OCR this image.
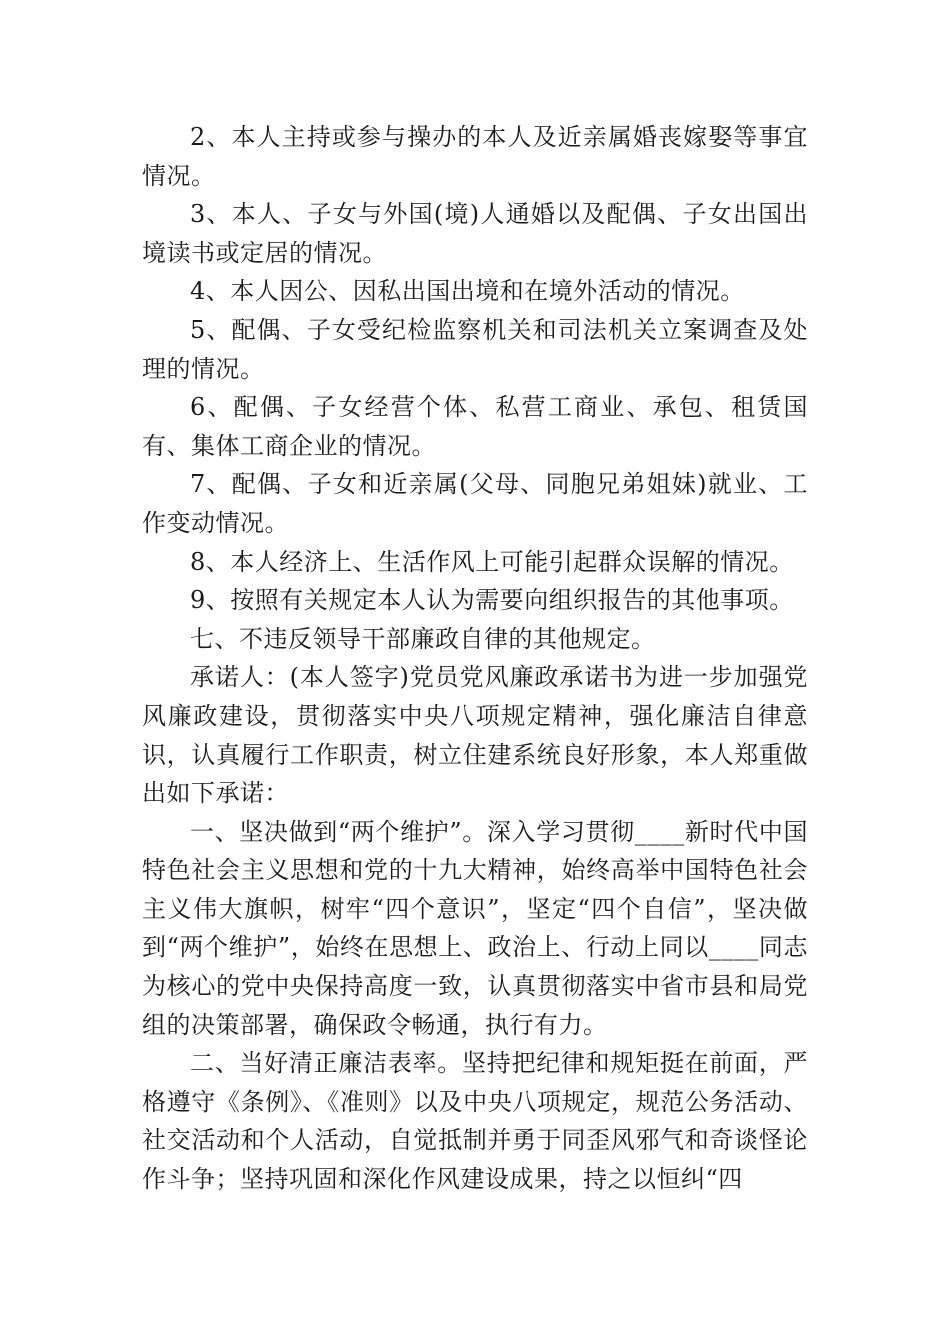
2、本人主持或参与操办的本人及近亲属婚丧嫁娶等事宜情况。

3、本人、子女与外国(境)人通婚以及配偶、子女出国出境读书或定居的情况。

4、本人因公、因私出国出境和在境外活动的情况。

5、配偶、子女受纪检监察机关和司法机关立案调查及处理的情况。

6、配偶、子女经营个体、私营工商业、承包、租赁国有、集体工商企业的情况。

7、配偶、子女和近亲属(父母、同胞兄弟姐妹)就业、工作变动情况。

8、本人经济上、生活作风上可能引起群众误解的情况。

9、按照有关规定本人认为需要向组织报告的其他事项。

七、不违反领导干部廉政自律的其他规定。

承诺人：(本人签字)党员党风廉政承诺书为进一步加强党风廉政建设，贯彻落实中央八项规定精神，强化廉洁自律意识，认真履行工作职责，树立住建系统良好形象，本人郑重做出如下承诺：

一、坚决做到“两个维护”。深入学习贯彻____新时代中国特色社会主义思想和党的十九大精神，始终高举中国特色社会主义伟大旗帜，树牢“四个意识”，坚定“四个自信”，坚决做到“两个维护”，始终在思想上、政治上、行动上同以____同志为核心的党中央保持高度一致，认真贯彻落实中省市县和局党组的决策部署，确保政令畅通，执行有力。

二、当好清正廉洁表率。坚持把纪律和规矩挺在前面，严格遵守《条例》、《准则》以及中央八项规定，规范公务活动、社交活动和个人活动，自觉抵制并勇于同歪风邪气和奇谈怪论作斗争；坚持巩固和深化作风建设成果，持之以恒纠“四
